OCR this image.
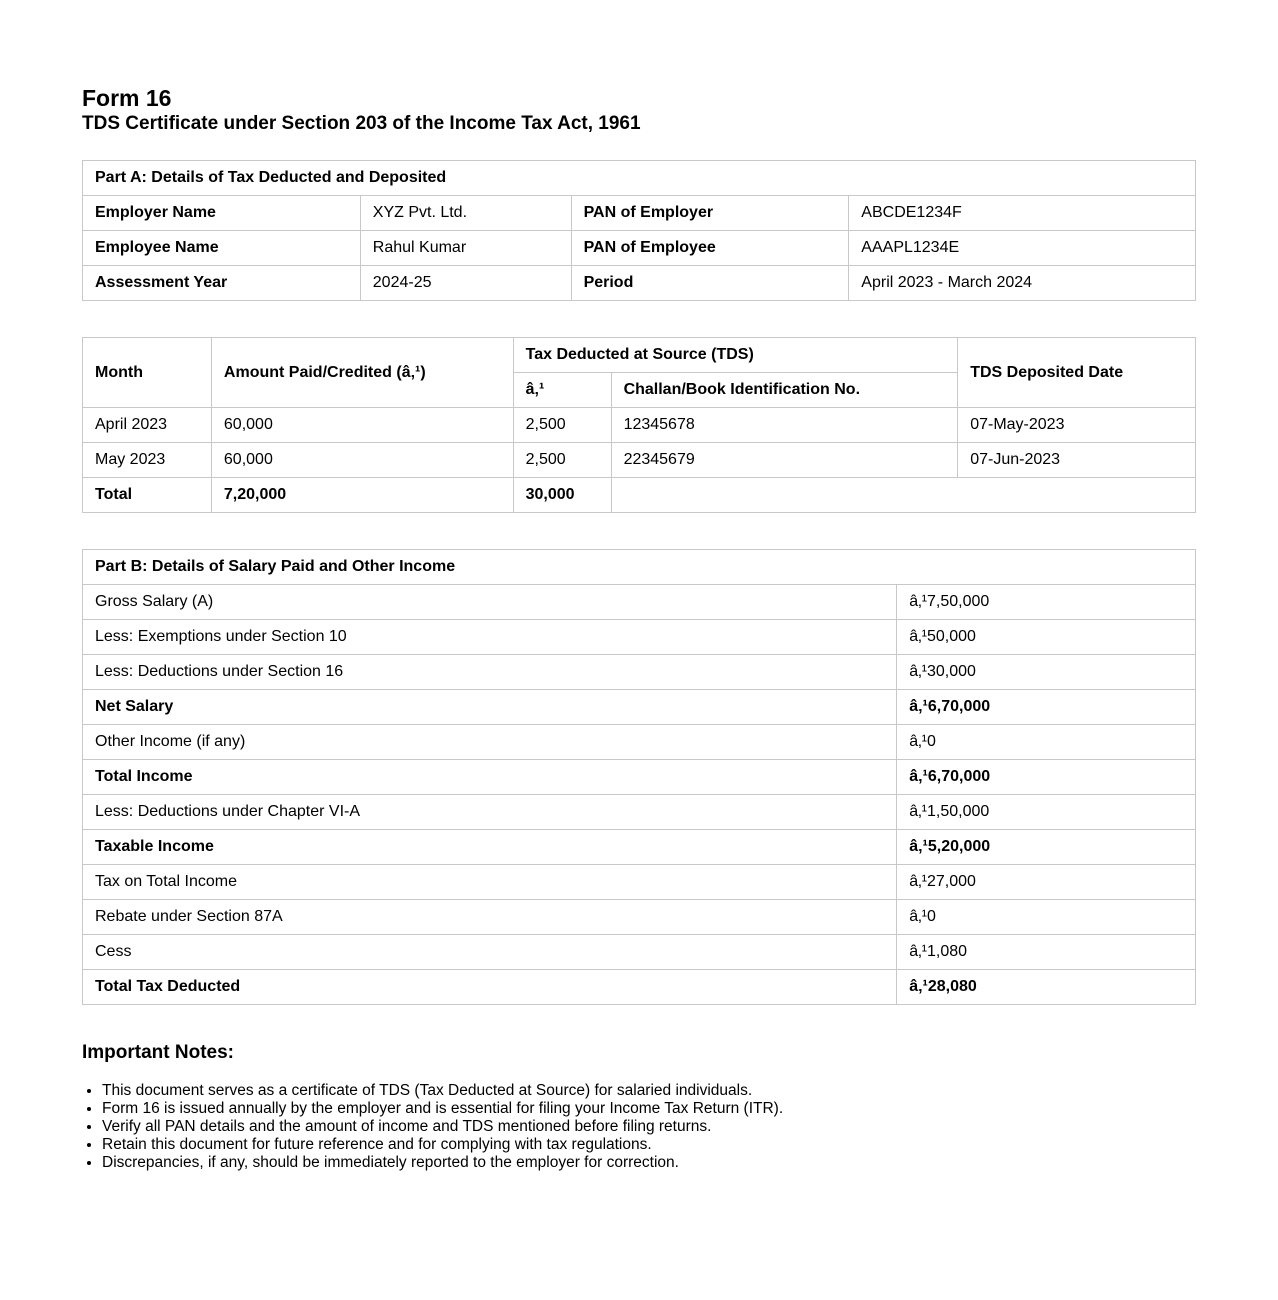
Form 16
TDS Certificate under Section 203 of the Income Tax Act, 1961
Part A: Details of Tax Deducted and Deposited			
Employer Name	XYZ Pvt. Ltd.	PAN of Employer	ABCDE1234F
Employee Name	Rahul Kumar	PAN of Employee	AAAPL1234E
Assessment Year	2024-25	Period	April 2023 - March 2024
Month	Amount Paid/Credited (â‚¹)	Tax Deducted at Source (TDS)		TDS Deposited Date
		â‚¹	Challan/Book Identification No.	
April 2023	60,000	2,500	12345678	07-May-2023
May 2023	60,000	2,500	22345679	07-Jun-2023
Total	7,20,000	30,000		
Part B: Details of Salary Paid and Other Income	
Gross Salary (A)	â‚¹7,50,000
Less: Exemptions under Section 10	â‚¹50,000
Less: Deductions under Section 16	â‚¹30,000
Net Salary	â‚¹6,70,000
Other Income (if any)	â‚¹0
Total Income	â‚¹6,70,000
Less: Deductions under Chapter VI-A	â‚¹1,50,000
Taxable Income	â‚¹5,20,000
Tax on Total Income	â‚¹27,000
Rebate under Section 87A	â‚¹0
Cess	â‚¹1,080
Total Tax Deducted	â‚¹28,080
Important Notes:
• This document serves as a certificate of TDS (Tax Deducted at Source) for salaried individuals.
• Form 16 is issued annually by the employer and is essential for filing your Income Tax Return (ITR).
• Verify all PAN details and the amount of income and TDS mentioned before filing returns.
• Retain this document for future reference and for complying with tax regulations.
• Discrepancies, if any, should be immediately reported to the employer for correction.
